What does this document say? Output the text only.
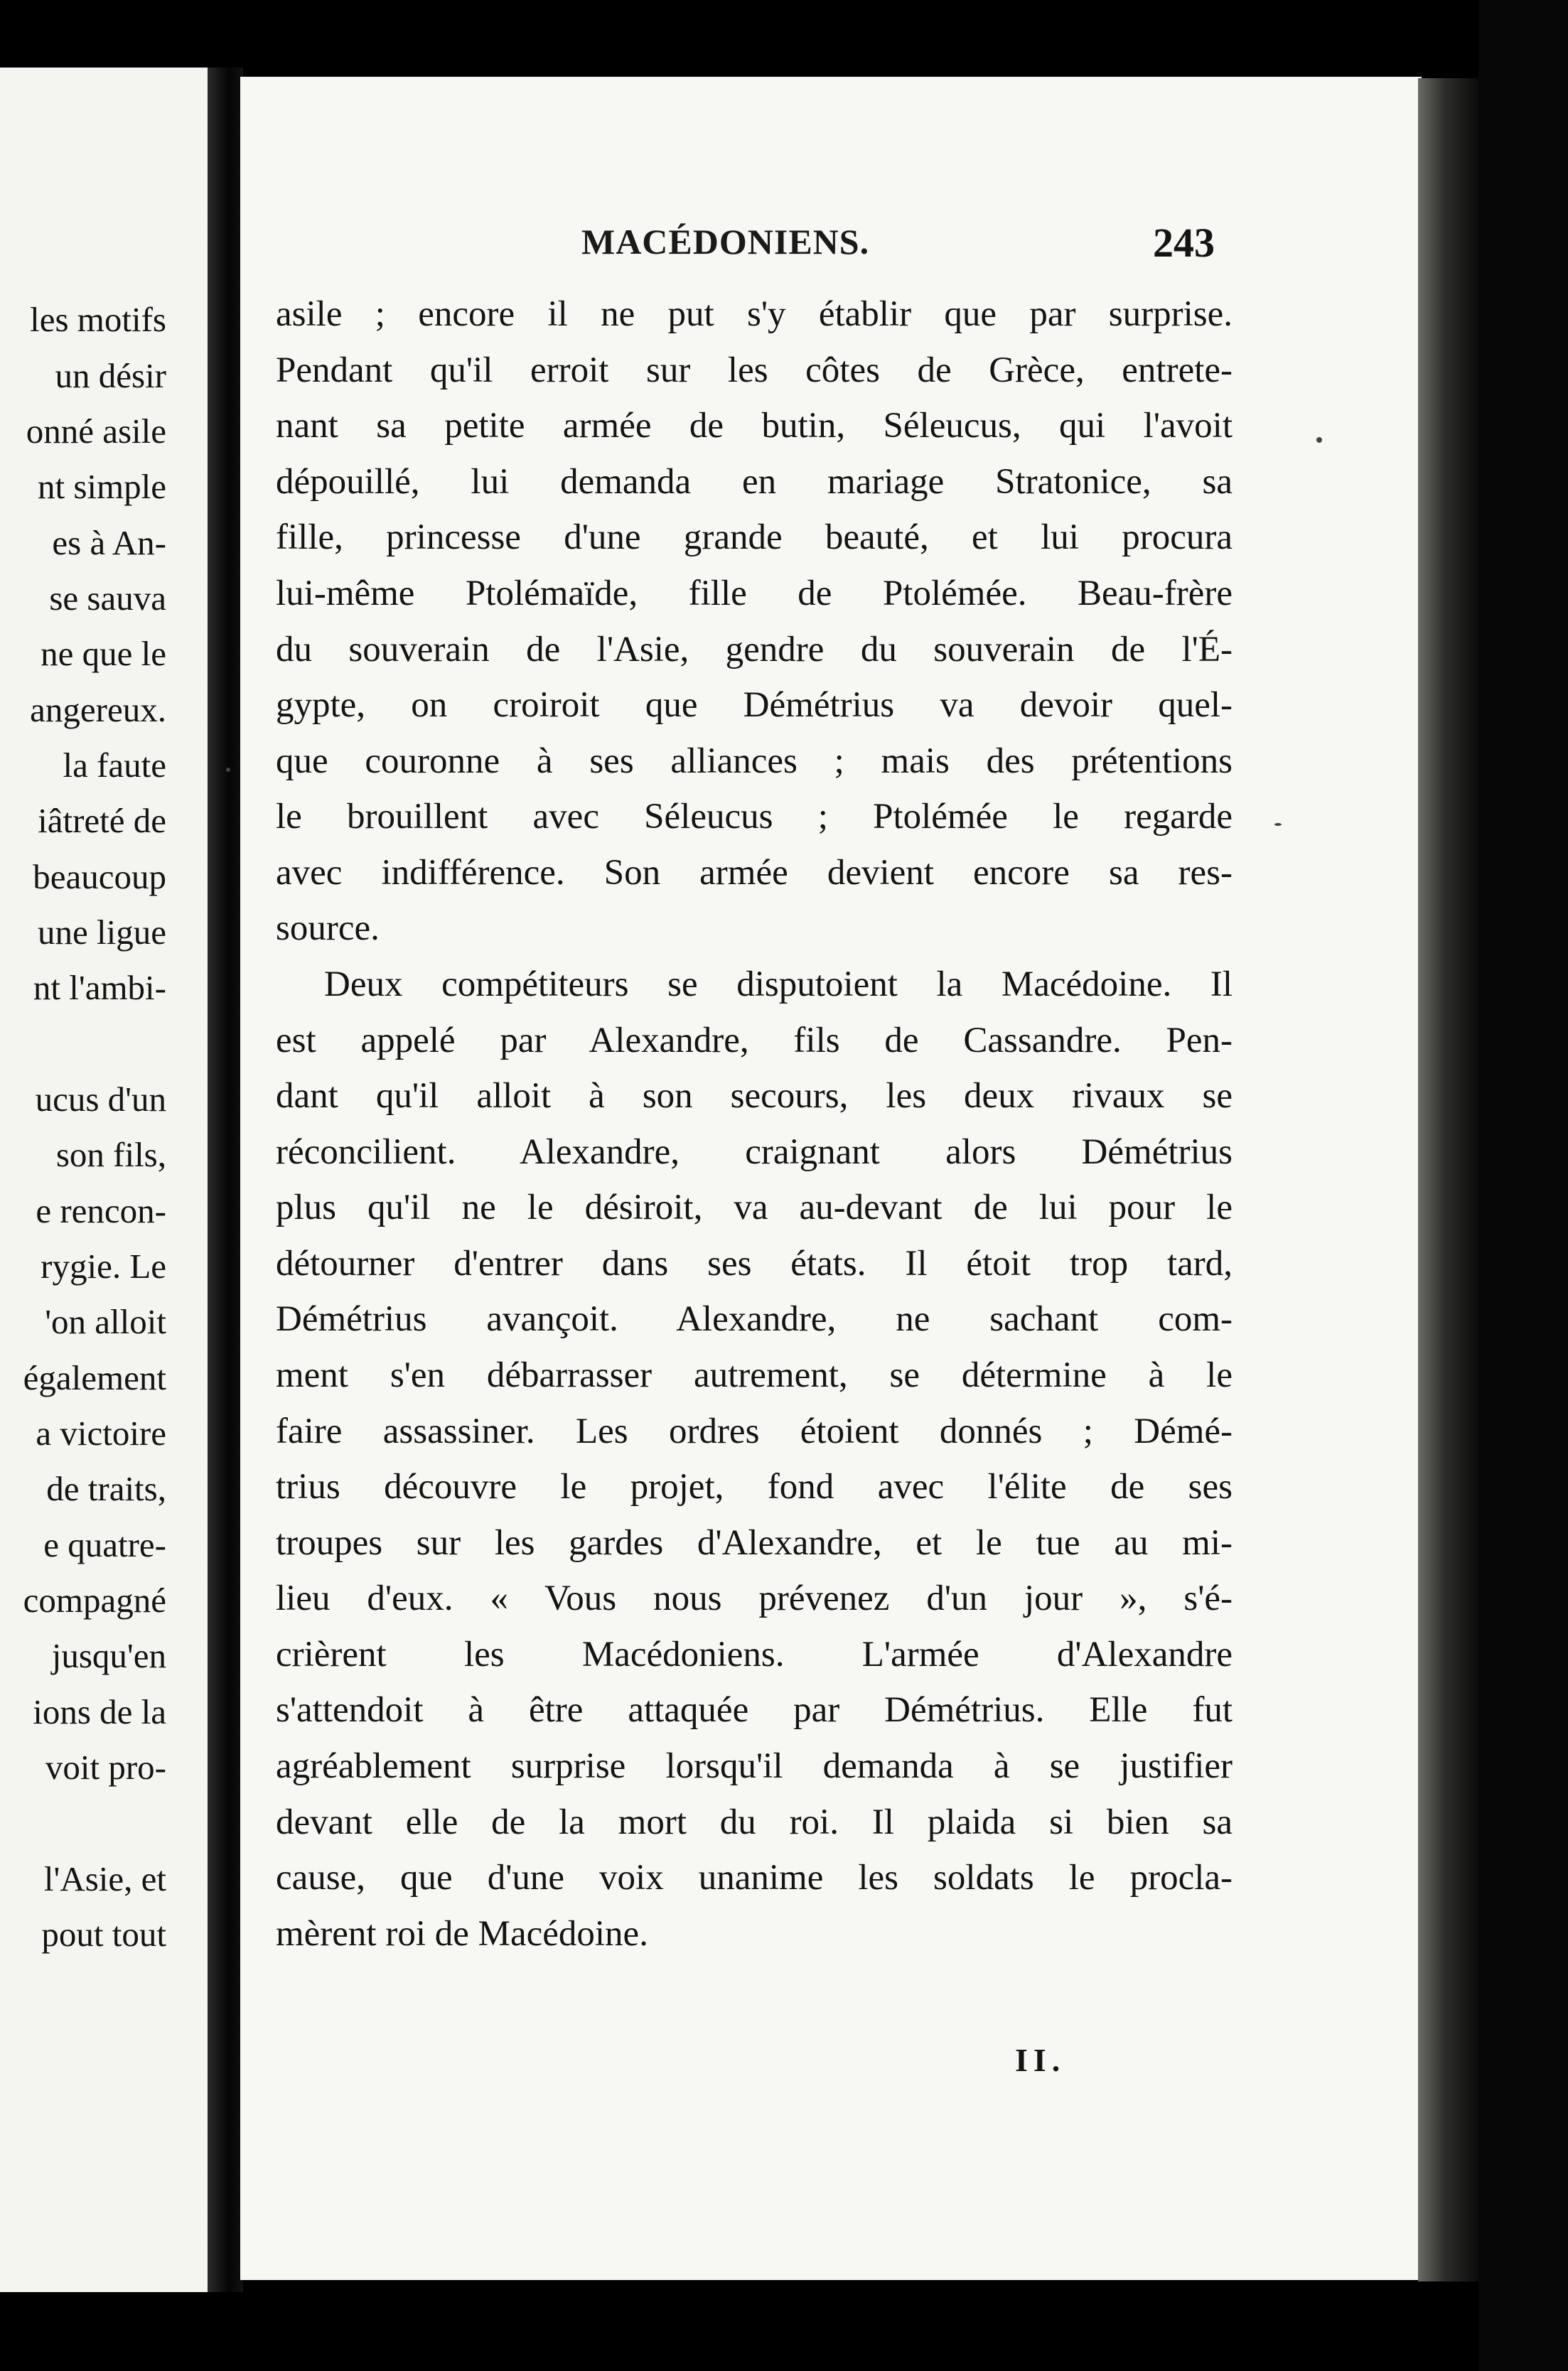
les motifs
un désir
onné asile
nt simple
es à An-
se sauva
ne que le
angereux.
la faute
iâtreté de
beaucoup
une ligue
nt l'ambi-
ucus d'un
son fils,
e rencon-
rygie. Le
'on alloit
également
a victoire
de traits,
e quatre-
compagné
jusqu'en
ions de la
voit pro-
l'Asie, et
pout tout
MACÉDONIENS.	243
asile ; encore il ne put s'y établir que par surprise.
Pendant qu'il erroit sur les côtes de Grèce, entrete-
nant sa petite armée de butin, Séleucus, qui l'avoit
dépouillé, lui demanda en mariage Stratonice, sa
fille, princesse d'une grande beauté, et lui procura
lui-même Ptolémaïde, fille de Ptolémée. Beau-frère
du souverain de l'Asie, gendre du souverain de l'É-
gypte, on croiroit que Démétrius va devoir quel-
que couronne à ses alliances ; mais des prétentions
le brouillent avec Séleucus ; Ptolémée le regarde
avec indifférence. Son armée devient encore sa res-
source.
Deux compétiteurs se disputoient la Macédoine. Il
est appelé par Alexandre, fils de Cassandre. Pen-
dant qu'il alloit à son secours, les deux rivaux se
réconcilient. Alexandre, craignant alors Démétrius
plus qu'il ne le désiroit, va au-devant de lui pour le
détourner d'entrer dans ses états. Il étoit trop tard,
Démétrius avançoit. Alexandre, ne sachant com-
ment s'en débarrasser autrement, se détermine à le
faire assassiner. Les ordres étoient donnés ; Démé-
trius découvre le projet, fond avec l'élite de ses
troupes sur les gardes d'Alexandre, et le tue au mi-
lieu d'eux. « Vous nous prévenez d'un jour », s'é-
crièrent les Macédoniens. L'armée d'Alexandre
s'attendoit à être attaquée par Démétrius. Elle fut
agréablement surprise lorsqu'il demanda à se justifier
devant elle de la mort du roi. Il plaida si bien sa
cause, que d'une voix unanime les soldats le procla-
mèrent roi de Macédoine.
II.
